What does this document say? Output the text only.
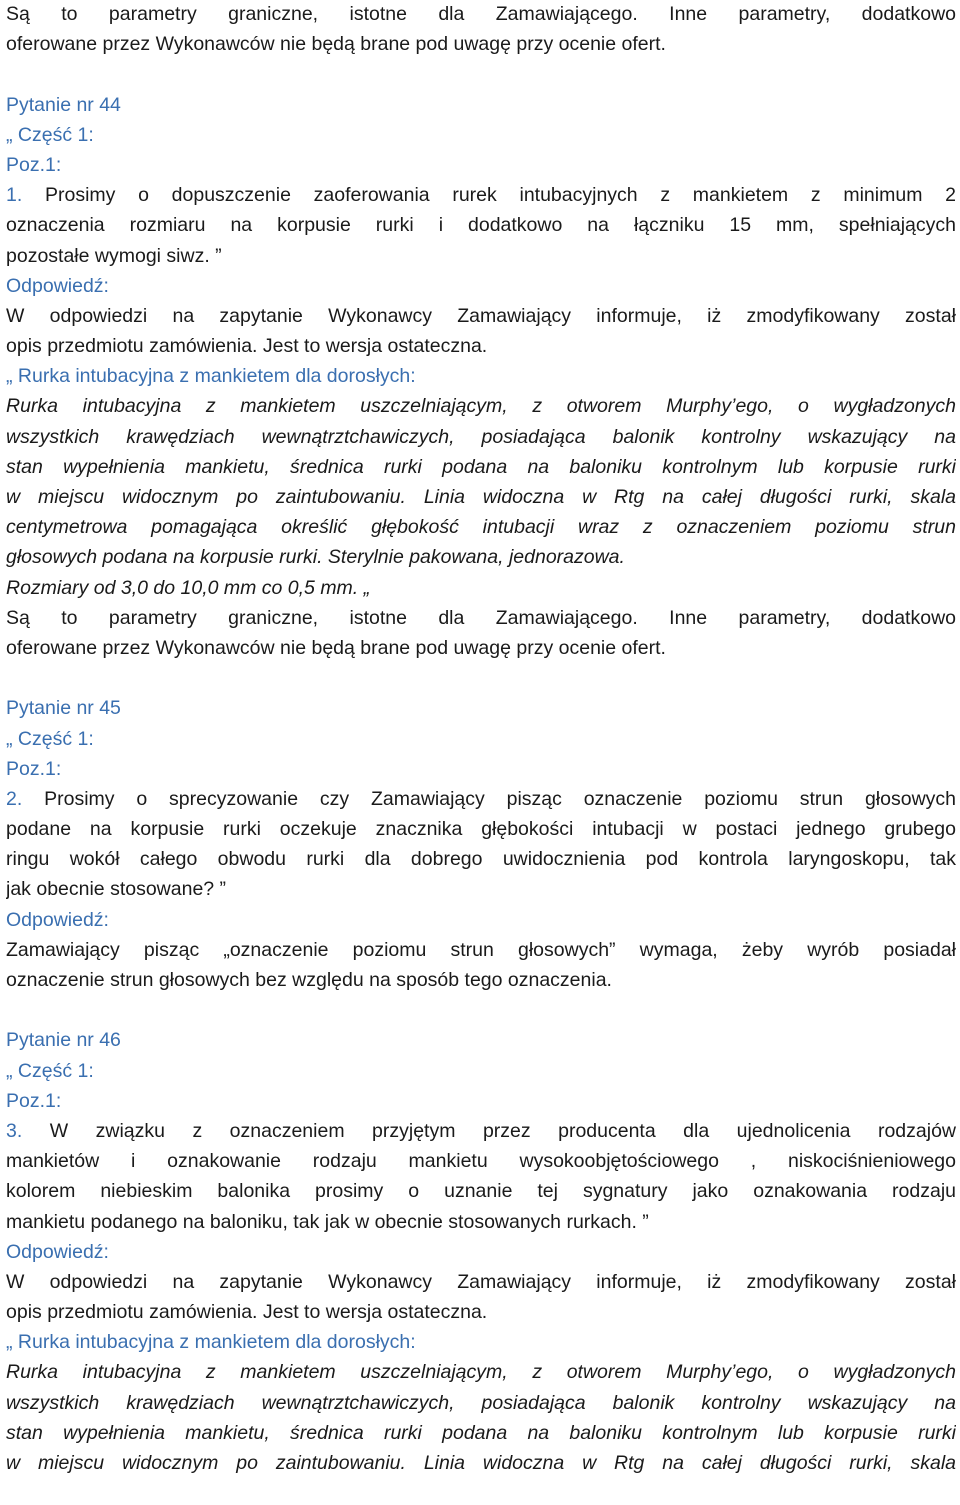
Są to parametry graniczne, istotne dla Zamawiającego. Inne parametry, dodatkowo
oferowane przez Wykonawców nie będą brane pod uwagę przy ocenie ofert.
Pytanie nr 44
„ Część 1:
Poz.1:
1. Prosimy o dopuszczenie zaoferowania rurek intubacyjnych z mankietem z minimum 2
oznaczenia rozmiaru na korpusie rurki i dodatkowo na łączniku 15 mm, spełniających
pozostałe wymogi siwz. ”
Odpowiedź:
W odpowiedzi na zapytanie Wykonawcy Zamawiający informuje, iż zmodyfikowany został
opis przedmiotu zamówienia. Jest to wersja ostateczna.
„ Rurka intubacyjna z mankietem dla dorosłych:
Rurka intubacyjna z mankietem uszczelniającym, z otworem Murphy’ego, o wygładzonych
wszystkich krawędziach wewnątrztchawiczych, posiadająca balonik kontrolny wskazujący na
stan wypełnienia mankietu, średnica rurki podana na baloniku kontrolnym lub korpusie rurki
w miejscu widocznym po zaintubowaniu. Linia widoczna w Rtg na całej długości rurki, skala
centymetrowa pomagająca określić głębokość intubacji wraz z oznaczeniem poziomu strun
głosowych podana na korpusie rurki. Sterylnie pakowana, jednorazowa.
Rozmiary od 3,0 do 10,0 mm co 0,5 mm. „
Są to parametry graniczne, istotne dla Zamawiającego. Inne parametry, dodatkowo
oferowane przez Wykonawców nie będą brane pod uwagę przy ocenie ofert.
Pytanie nr 45
„ Część 1:
Poz.1:
2. Prosimy o sprecyzowanie czy Zamawiający pisząc oznaczenie poziomu strun głosowych
podane na korpusie rurki oczekuje znacznika głębokości intubacji w postaci jednego grubego
ringu wokół całego obwodu rurki dla dobrego uwidocznienia pod kontrola laryngoskopu, tak
jak obecnie stosowane? ”
Odpowiedź:
Zamawiający pisząc „oznaczenie poziomu strun głosowych” wymaga, żeby wyrób posiadał
oznaczenie strun głosowych bez względu na sposób tego oznaczenia.
Pytanie nr 46
„ Część 1:
Poz.1:
3. W związku z oznaczeniem przyjętym przez producenta dla ujednolicenia rodzajów
mankietów i oznakowanie rodzaju mankietu wysokoobjętościowego , niskociśnieniowego
kolorem niebieskim balonika prosimy o uznanie tej sygnatury jako oznakowania rodzaju
mankietu podanego na baloniku, tak jak w obecnie stosowanych rurkach. ”
Odpowiedź:
W odpowiedzi na zapytanie Wykonawcy Zamawiający informuje, iż zmodyfikowany został
opis przedmiotu zamówienia. Jest to wersja ostateczna.
„ Rurka intubacyjna z mankietem dla dorosłych:
Rurka intubacyjna z mankietem uszczelniającym, z otworem Murphy’ego, o wygładzonych
wszystkich krawędziach wewnątrztchawiczych, posiadająca balonik kontrolny wskazujący na
stan wypełnienia mankietu, średnica rurki podana na baloniku kontrolnym lub korpusie rurki
w miejscu widocznym po zaintubowaniu. Linia widoczna w Rtg na całej długości rurki, skala
